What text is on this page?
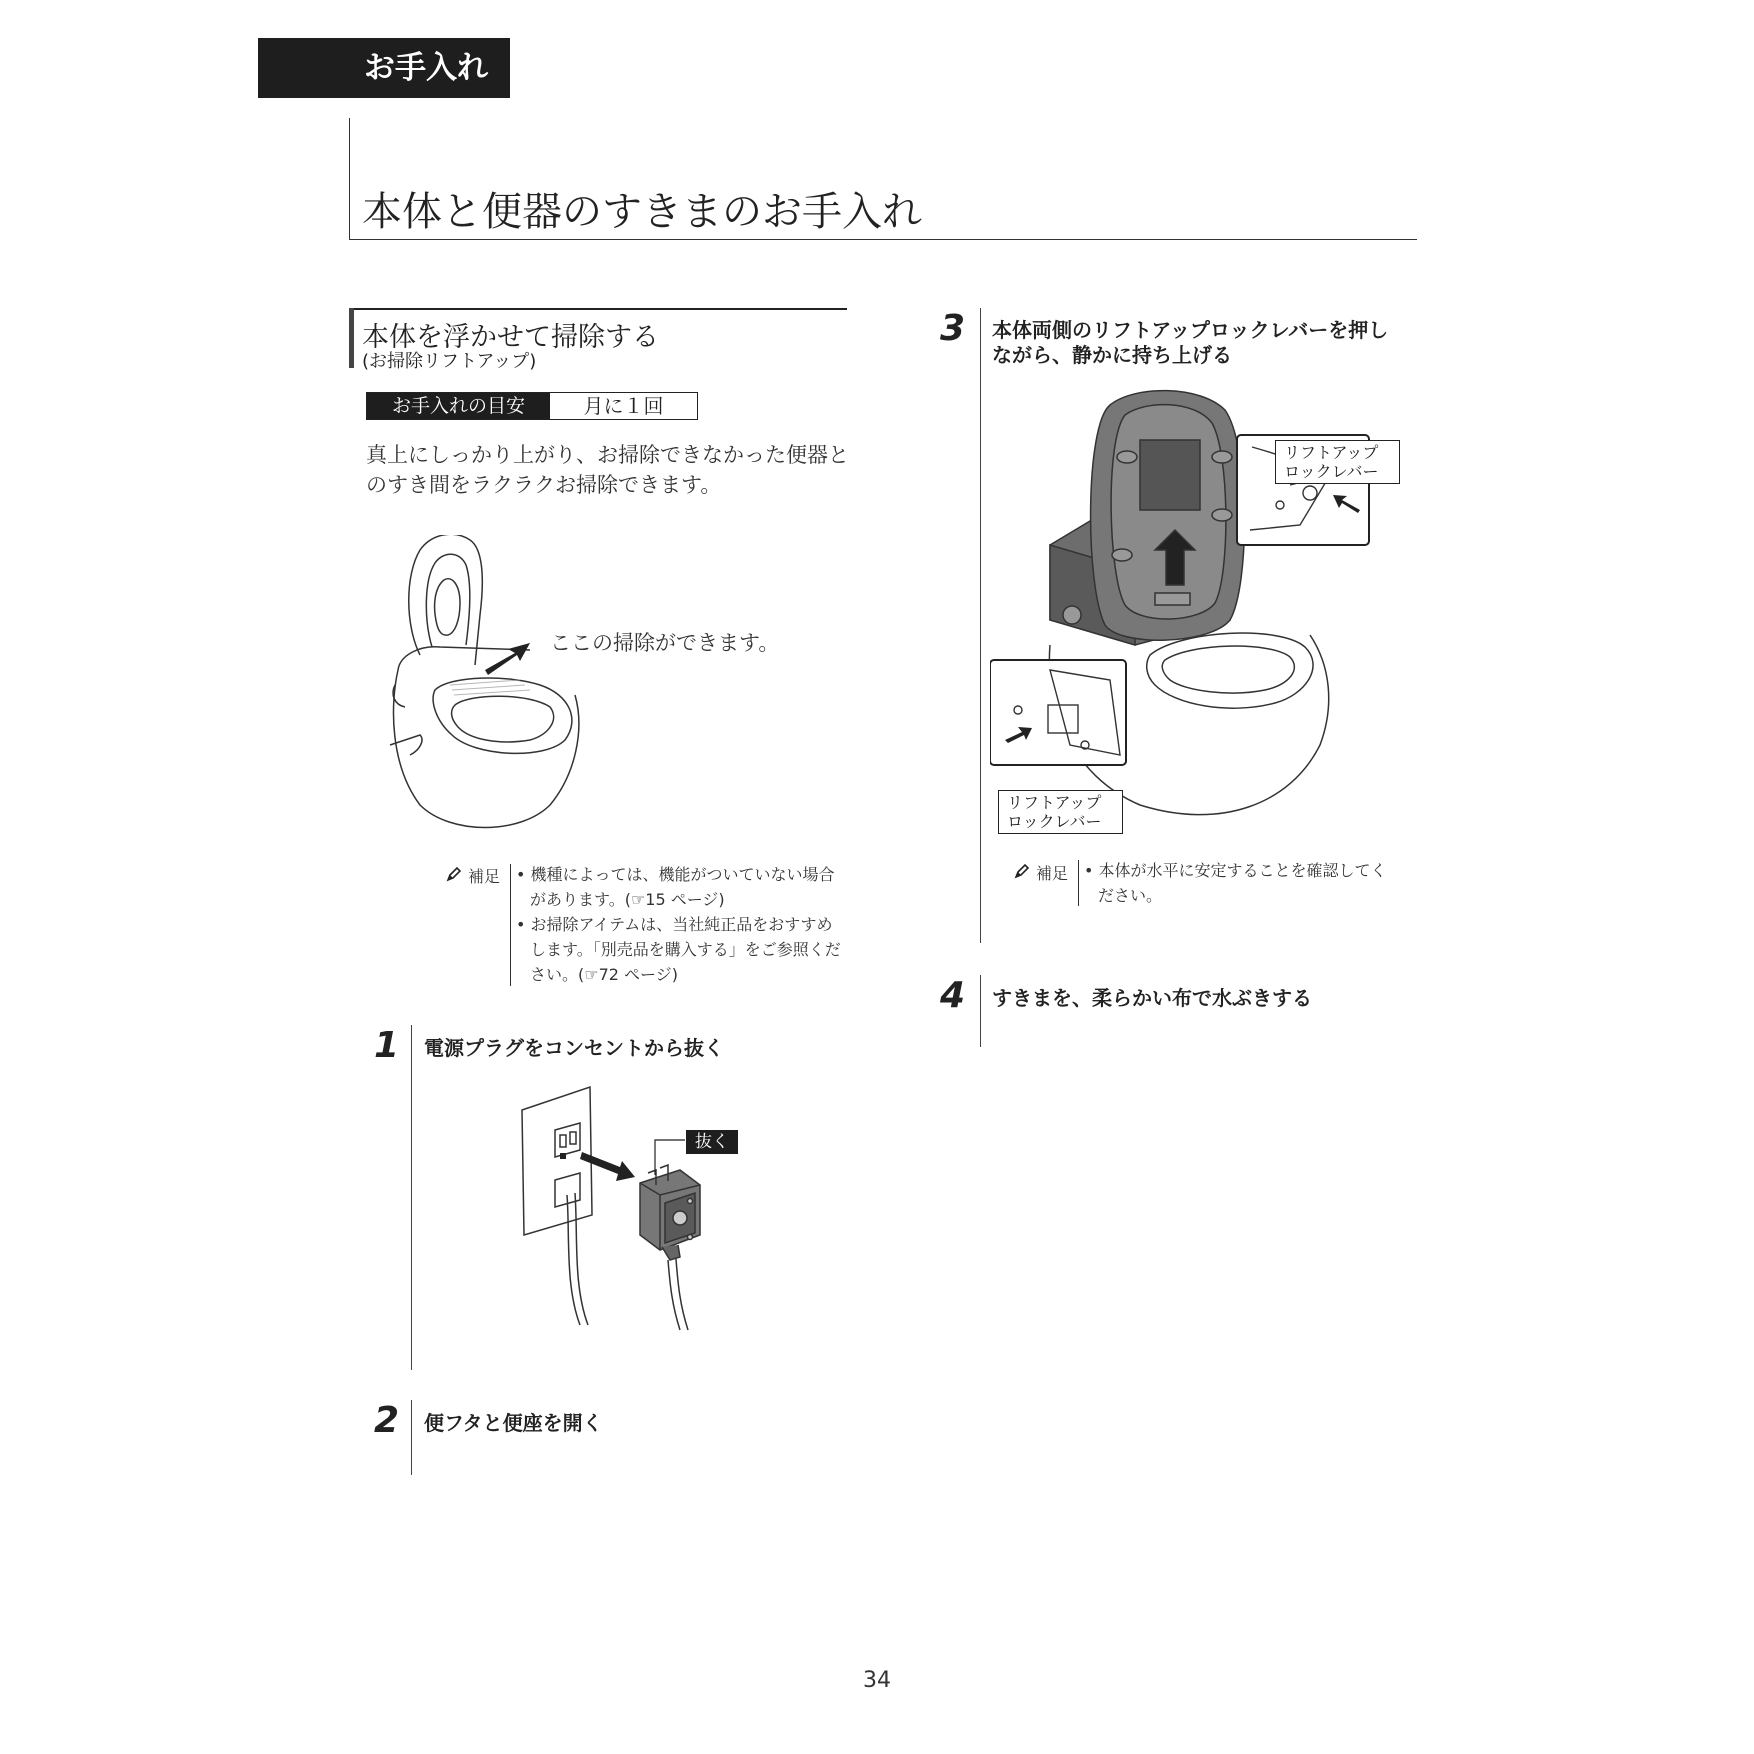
お手入れ
本体と便器のすきまのお手入れ
本体を浮かせて掃除する
(お掃除リフトアップ)
お手入れの目安	月に１回
真上にしっかり上がり、お掃除できなかった便器と
のすき間をラクラクお掃除できます。
ここの掃除ができます。
補足 • 機種によっては、機能がついていない場合があります。(☞15 ページ)
• お掃除アイテムは、当社純正品をおすすめします。「別売品を購入する」をご参照ください。(☞72 ページ)
1 電源プラグをコンセントから抜く
抜く
2 便フタと便座を開く
3 本体両側のリフトアップロックレバーを押し
ながら、静かに持ち上げる
リフトアップ
ロックレバー
リフトアップ
ロックレバー
補足 • 本体が水平に安定することを確認してください。
4 すきまを、柔らかい布で水ぶきする
34
